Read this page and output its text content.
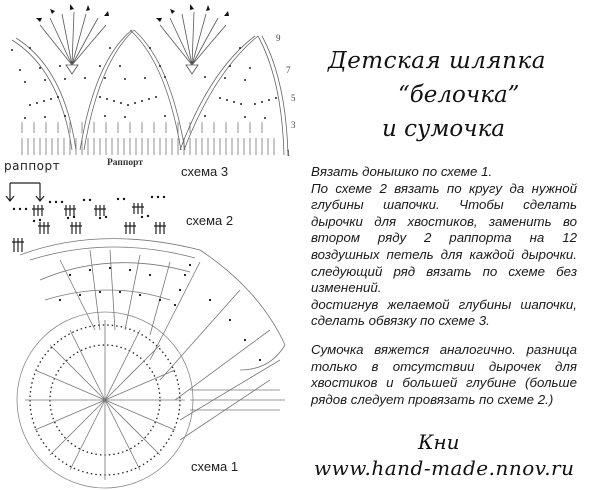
раппорт	Раппорт
схема 3
схема 2
схема 1
9
7
5
3
1
Детская шляпка
“белочка”
и сумочка

Вязать донышко по схеме 1.

По схеме 2 вязать по кругу да нужной глубины шапочки. Чтобы сделать дырочки для хвостиков, заменить во втором ряду 2 раппорта на 12 воздушных петель для каждой дырочки. следующий ряд вязать по схеме без изменений.

достигнув желаемой глубины шапочки, сделать обвязку по схеме 3.

Сумочка вяжется аналогично. разница только в отсутствии дырочек для хвостиков и большей глубине (больше рядов следует провязать по схеме 2.)

Кни
www.hand-made.nnov.ru
